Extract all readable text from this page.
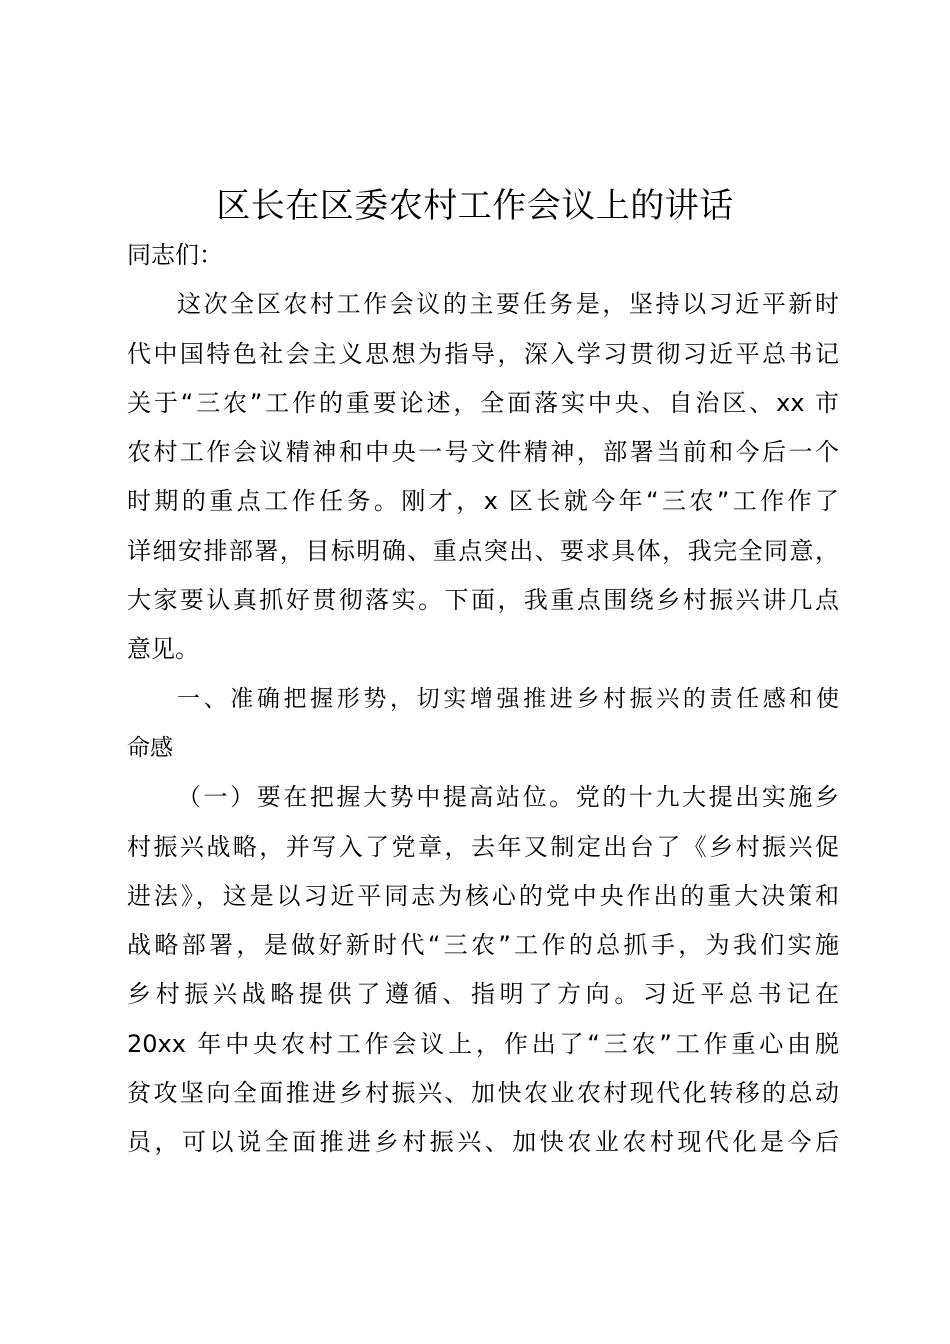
区长在区委农村工作会议上的讲话
同志们：
这次全区农村工作会议的主要任务是，坚持以习近平新时
代中国特色社会主义思想为指导，深入学习贯彻习近平总书记
关于“三农”工作的重要论述，全面落实中央、自治区、xx 市
农村工作会议精神和中央一号文件精神，部署当前和今后一个
时期的重点工作任务。刚才，x 区长就今年“三农”工作作了
详细安排部署，目标明确、重点突出、要求具体，我完全同意，
大家要认真抓好贯彻落实。下面，我重点围绕乡村振兴讲几点
意见。
一、准确把握形势，切实增强推进乡村振兴的责任感和使
命感
（一）要在把握大势中提高站位。党的十九大提出实施乡
村振兴战略，并写入了党章，去年又制定出台了《乡村振兴促
进法》，这是以习近平同志为核心的党中央作出的重大决策和
战略部署，是做好新时代“三农”工作的总抓手，为我们实施
乡村振兴战略提供了遵循、指明了方向。习近平总书记在
20xx 年中央农村工作会议上，作出了“三农”工作重心由脱
贫攻坚向全面推进乡村振兴、加快农业农村现代化转移的总动
员，可以说全面推进乡村振兴、加快农业农村现代化是今后
